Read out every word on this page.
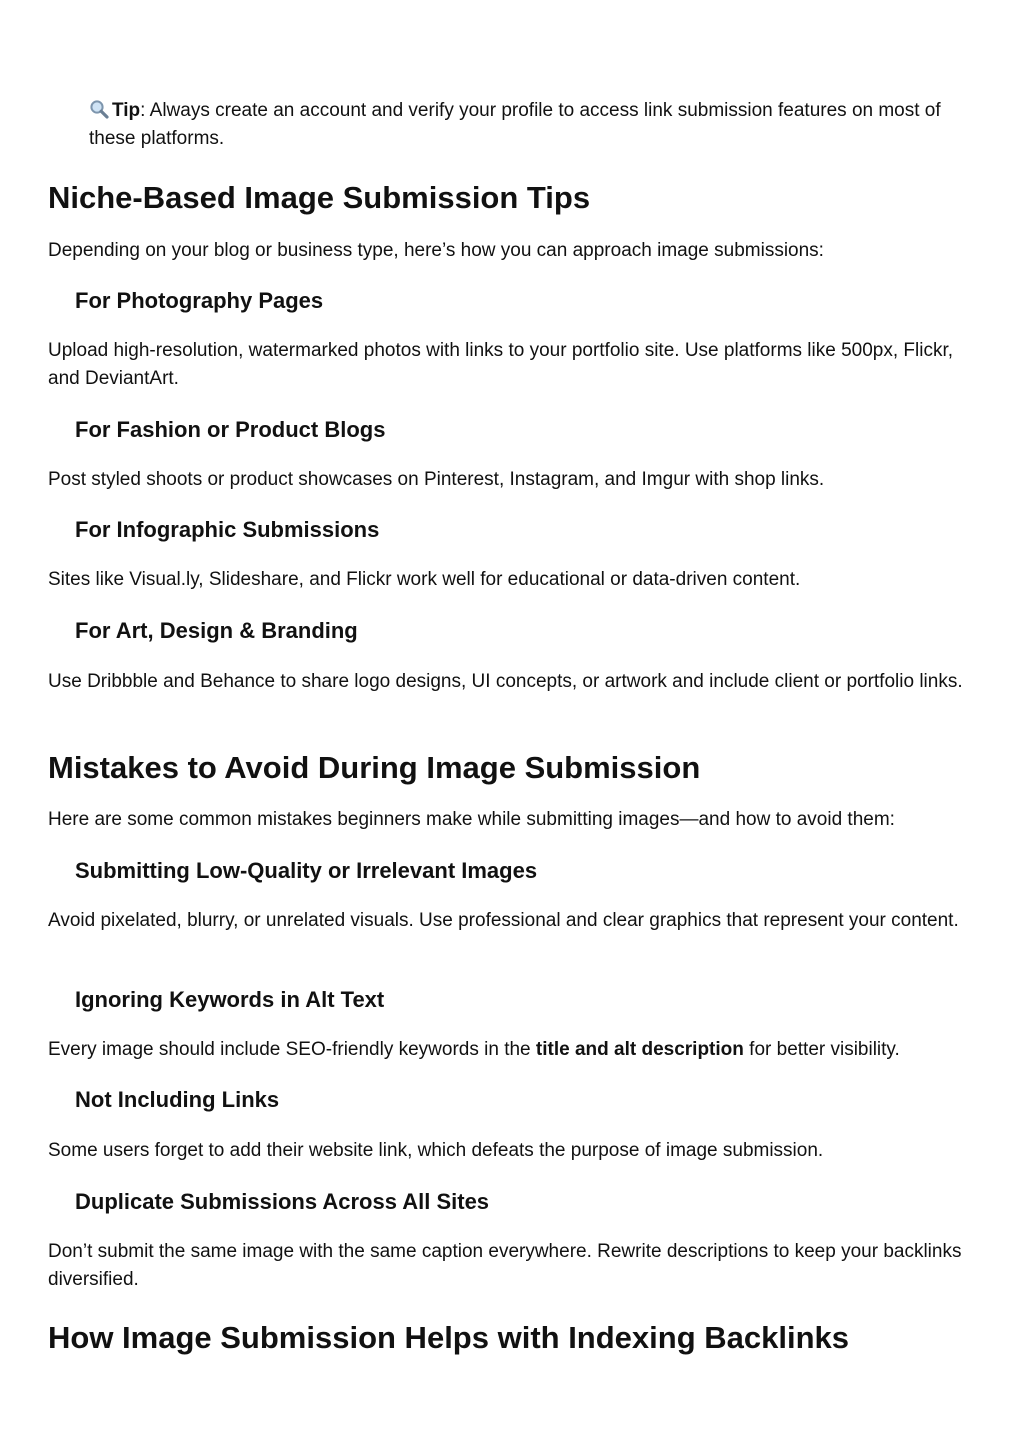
Tip: Always create an account and verify your profile to access link submission features on most of these platforms.

Niche-Based Image Submission Tips

Depending on your blog or business type, here’s how you can approach image submissions:

For Photography Pages

Upload high-resolution, watermarked photos with links to your portfolio site. Use platforms like 500px, Flickr, and DeviantArt.

For Fashion or Product Blogs

Post styled shoots or product showcases on Pinterest, Instagram, and Imgur with shop links.

For Infographic Submissions

Sites like Visual.ly, Slideshare, and Flickr work well for educational or data-driven content.

For Art, Design & Branding

Use Dribbble and Behance to share logo designs, UI concepts, or artwork and include client or portfolio links.

Mistakes to Avoid During Image Submission

Here are some common mistakes beginners make while submitting images—and how to avoid them:

Submitting Low-Quality or Irrelevant Images

Avoid pixelated, blurry, or unrelated visuals. Use professional and clear graphics that represent your content.

Ignoring Keywords in Alt Text

Every image should include SEO-friendly keywords in the title and alt description for better visibility.

Not Including Links

Some users forget to add their website link, which defeats the purpose of image submission.

Duplicate Submissions Across All Sites

Don’t submit the same image with the same caption everywhere. Rewrite descriptions to keep your backlinks diversified.

How Image Submission Helps with Indexing Backlinks
